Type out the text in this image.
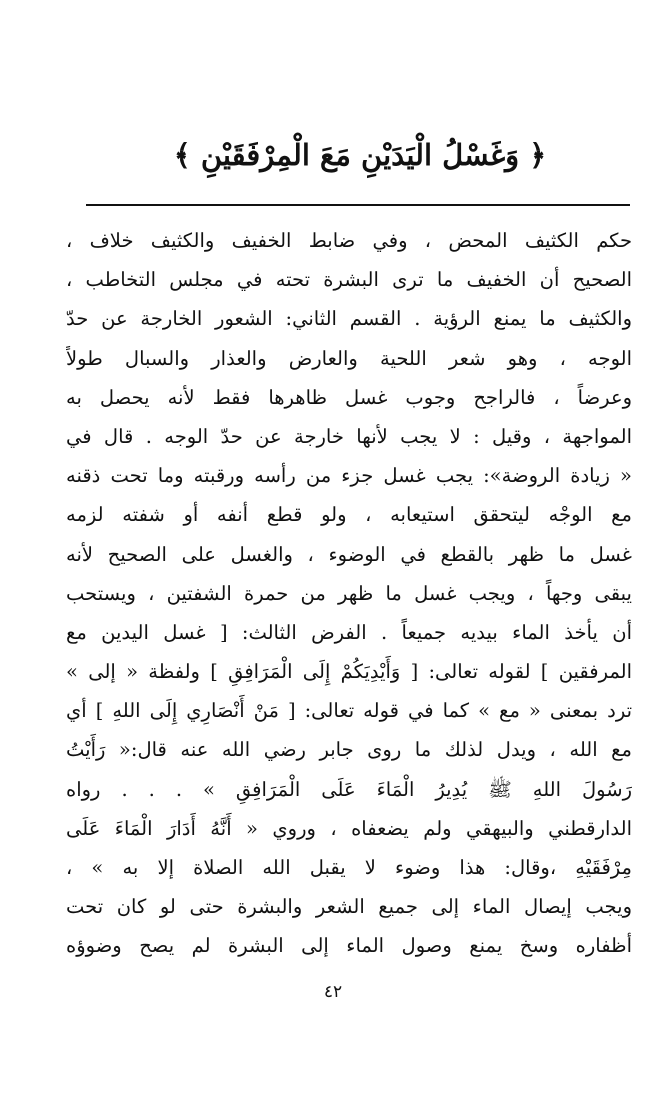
﴿ وَغَسْلُ الْيَدَيْنِ مَعَ الْمِرْفَقَيْنِ ﴾
حكم الكثيف المحض ، وفي ضابط الخفيف والكثيف خلاف ،
الصحيح أن الخفيف ما ترى البشرة تحته في مجلس التخاطب ،
والكثيف ما يمنع الرؤية . القسم الثاني: الشعور الخارجة عن حدّ
الوجه ، وهو شعر اللحية والعارض والعذار والسبال طولاً
وعرضاً ، فالراجح وجوب غسل ظاهرها فقط لأنه يحصل به
المواجهة ، وقيل : لا يجب لأنها خارجة عن حدّ الوجه . قال في
« زيادة الروضة»: يجب غسل جزء من رأسه ورقبته وما تحت ذقنه
مع الوجْه ليتحقق استيعابه ، ولو قطع أنفه أو شفته لزمه
غسل ما ظهر بالقطع في الوضوء ، والغسل على الصحيح لأنه
يبقى وجهاً ، ويجب غسل ما ظهر من حمرة الشفتين ، ويستحب
أن يأخذ الماء بيديه جميعاً . الفرض الثالث: [ غسل اليدين مع
المرفقين ] لقوله تعالى: [ وَأَيْدِيَكُمْ إِلَى الْمَرَافِقِ ] ولفظة « إلى »
ترد بمعنى « مع » كما في قوله تعالى: [ مَنْ أَنْصَارِي إِلَى اللهِ ] أي
مع الله ، ويدل لذلك ما روى جابر رضي الله عنه قال:« رَأَيْتُ
رَسُولَ اللهِ ﷺ يُدِيرُ الْمَاءَ عَلَى الْمَرَافِقِ » . . . رواه
الدارقطني والبيهقي ولم يضعفاه ، وروي « أَنَّهُ أَدَارَ الْمَاءَ عَلَى
مِرْفَقَيْهِ ،وقال: هذا وضوء لا يقبل الله الصلاة إلا به » ،
ويجب إيصال الماء إلى جميع الشعر والبشرة حتى لو كان تحت
أظفاره وسخ يمنع وصول الماء إلى البشرة لم يصح وضوؤه
٤٢
